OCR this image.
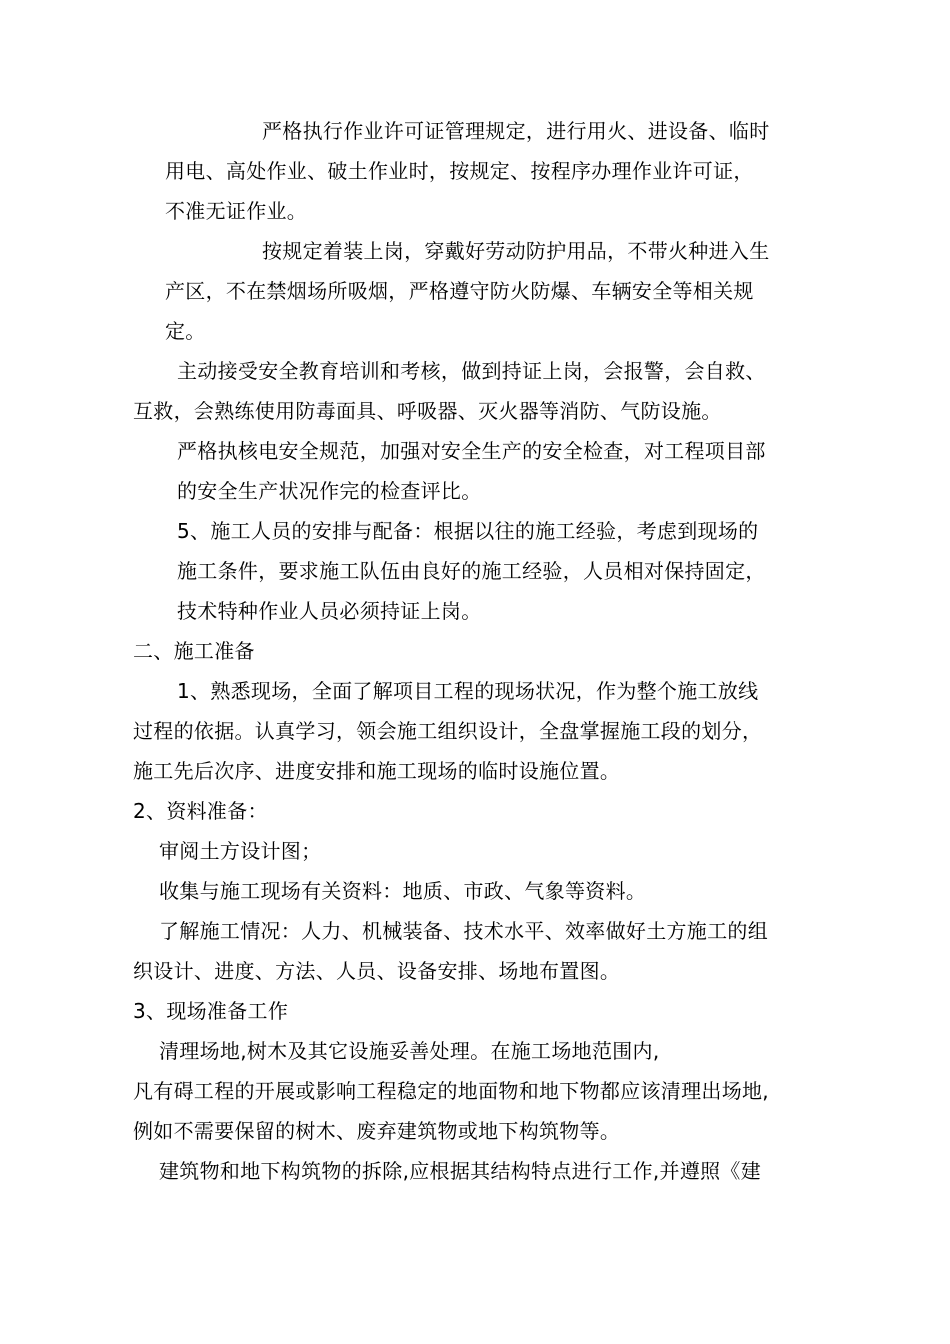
严格执行作业许可证管理规定，进行用火、进设备、临时

用电、高处作业、破土作业时，按规定、按程序办理作业许可证，

不准无证作业。

按规定着装上岗，穿戴好劳动防护用品，不带火种进入生

产区，不在禁烟场所吸烟，严格遵守防火防爆、车辆安全等相关规

定。

主动接受安全教育培训和考核，做到持证上岗，会报警，会自救、

互救，会熟练使用防毒面具、呼吸器、灭火器等消防、气防设施。

严格执核电安全规范，加强对安全生产的安全检查，对工程项目部

的安全生产状况作完的检查评比。

5、施工人员的安排与配备：根据以往的施工经验，考虑到现场的

施工条件，要求施工队伍由良好的施工经验，人员相对保持固定，

技术特种作业人员必须持证上岗。

二、施工准备

1、熟悉现场，全面了解项目工程的现场状况，作为整个施工放线

过程的依据。认真学习，领会施工组织设计，全盘掌握施工段的划分，

施工先后次序、进度安排和施工现场的临时设施位置。

2、资料准备：

审阅土方设计图；

收集与施工现场有关资料：地质、市政、气象等资料。

了解施工情况：人力、机械装备、技术水平、效率做好土方施工的组

织设计、进度、方法、人员、设备安排、场地布置图。

3、现场准备工作

清理场地,树木及其它设施妥善处理。在施工场地范围内,

凡有碍工程的开展或影响工程稳定的地面物和地下物都应该清理出场地,

例如不需要保留的树木、废弃建筑物或地下构筑物等。

建筑物和地下构筑物的拆除,应根据其结构特点进行工作,并遵照《建
